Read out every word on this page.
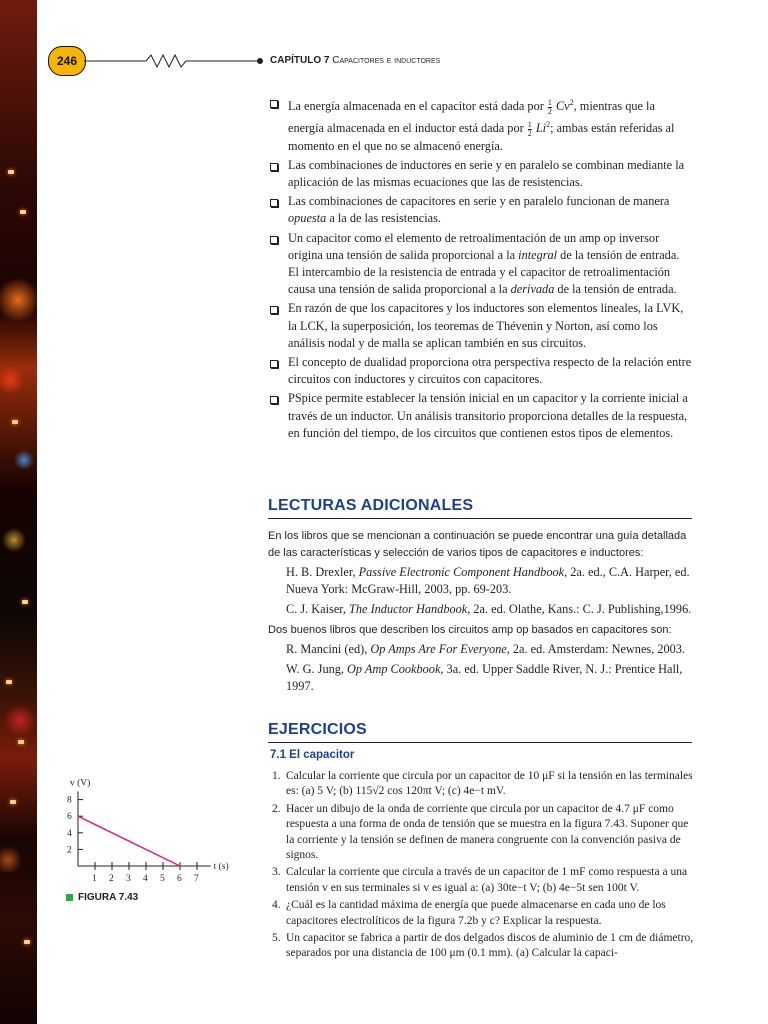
246	CAPÍTULO 7 Capacitores e inductores
La energía almacenada en el capacitor está dada por $\frac{1}{2} Cv^2$, mientras que la energía almacenada en el inductor está dada por $\frac{1}{2} Li^2$; ambas están referidas al momento en el que no se almacenó energía.
Las combinaciones de inductores en serie y en paralelo se combinan mediante la aplicación de las mismas ecuaciones que las de resistencias.
Las combinaciones de capacitores en serie y en paralelo funcionan de manera opuesta a la de las resistencias.
Un capacitor como el elemento de retroalimentación de un amp op inversor origina una tensión de salida proporcional a la integral de la tensión de entrada. El intercambio de la resistencia de entrada y el capacitor de retroalimentación causa una tensión de salida proporcional a la derivada de la tensión de entrada.
En razón de que los capacitores y los inductores son elementos lineales, la LVK, la LCK, la superposición, los teoremas de Thévenin y Norton, así como los análisis nodal y de malla se aplican también en sus circuitos.
El concepto de dualidad proporciona otra perspectiva respecto de la relación entre circuitos con inductores y circuitos con capacitores.
PSpice permite establecer la tensión inicial en un capacitor y la corriente inicial a través de un inductor. Un análisis transitorio proporciona detalles de la respuesta, en función del tiempo, de los circuitos que contienen estos tipos de elementos.
LECTURAS ADICIONALES

En los libros que se mencionan a continuación se puede encontrar una guía detallada de las características y selección de varios tipos de capacitores e inductores:

H. B. Drexler, Passive Electronic Component Handbook, 2a. ed., C.A. Harper, ed. Nueva York: McGraw-Hill, 2003, pp. 69-203.

C. J. Kaiser, The Inductor Handbook, 2a. ed. Olathe, Kans.: C. J. Publishing,1996.

Dos buenos libros que describen los circuitos amp op basados en capacitores son:

R. Mancini (ed), Op Amps Are For Everyone, 2a. ed. Amsterdam: Newnes, 2003.

W. G. Jung, Op Amp Cookbook, 3a. ed. Upper Saddle River, N. J.: Prentice Hall, 1997.

EJERCICIOS
7.1 El capacitor
1. Calcular la corriente que circula por un capacitor de 10 μF si la tensión en las terminales es: (a) 5 V; (b) 115√2 cos 120πt V; (c) 4e−t mV.
2. Hacer un dibujo de la onda de corriente que circula por un capacitor de 4.7 μF como respuesta a una forma de onda de tensión que se muestra en la figura 7.43. Suponer que la corriente y la tensión se definen de manera congruente con la convención pasiva de signos.
3. Calcular la corriente que circula a través de un capacitor de 1 mF como respuesta a una tensión v en sus terminales si v es igual a: (a) 30te−t V; (b) 4e−5t sen 100t V.
4. ¿Cuál es la cantidad máxima de energía que puede almacenarse en cada uno de los capacitores electrolíticos de la figura 7.2b y c? Explicar la respuesta.
5. Un capacitor se fabrica a partir de dos delgados discos de aluminio de 1 cm de diámetro, separados por una distancia de 100 μm (0.1 mm). (a) Calcular la capaci-
t (s)
v (V)
1 2 3 4 5 6 7
2
4
6
8
FIGURA 7.43
